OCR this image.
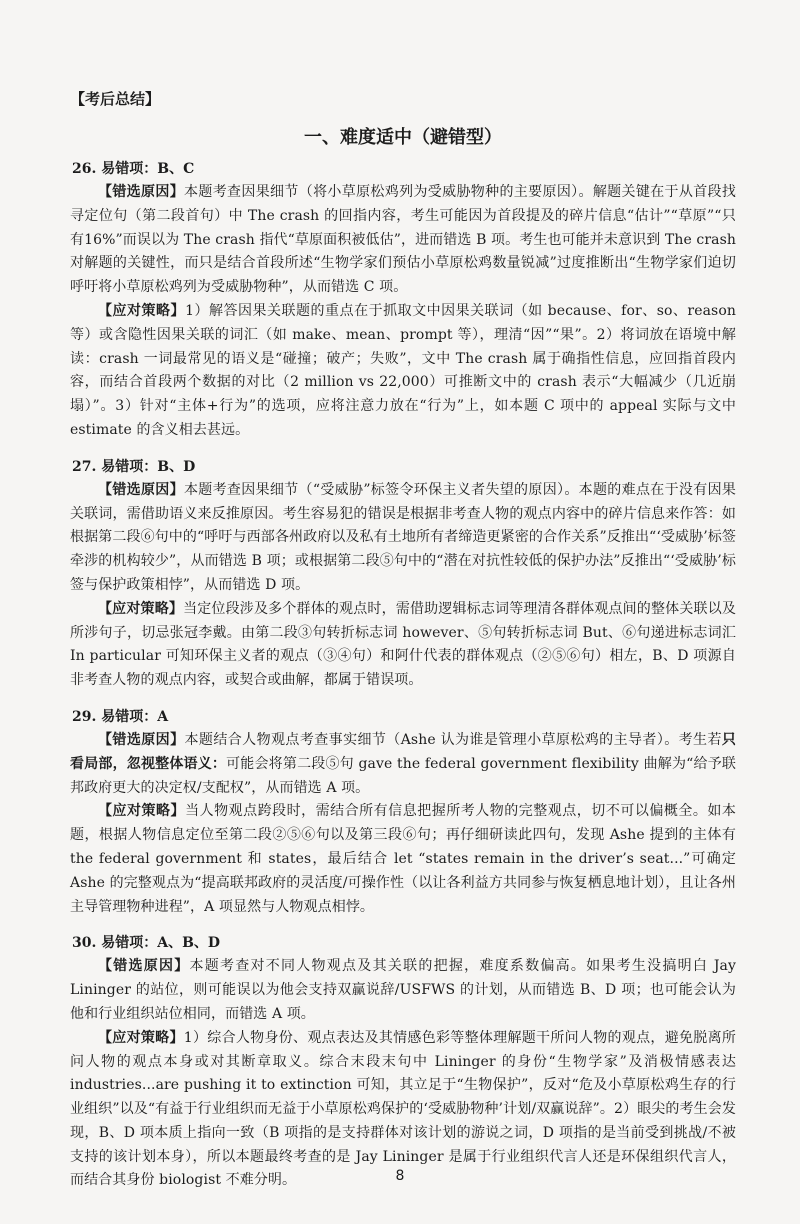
【考后总结】
一、难度适中（避错型）
26. 易错项：B、C

【错选原因】本题考查因果细节（将小草原松鸡列为受威胁物种的主要原因）。解题关键在于从首段找寻定位句（第二段首句）中 The crash 的回指内容，考生可能因为首段提及的碎片信息“估计”“草原”“只有16%”而误以为 The crash 指代“草原面积被低估”，进而错选 B 项。考生也可能并未意识到 The crash 对解题的关键性，而只是结合首段所述“生物学家们预估小草原松鸡数量锐减”过度推断出“生物学家们迫切呼吁将小草原松鸡列为受威胁物种”，从而错选 C 项。

【应对策略】1）解答因果关联题的重点在于抓取文中因果关联词（如 because、for、so、reason 等）或含隐性因果关联的词汇（如 make、mean、prompt 等），理清“因”“果”。2）将词放在语境中解读：crash 一词最常见的语义是“碰撞；破产；失败”，文中 The crash 属于确指性信息，应回指首段内容，而结合首段两个数据的对比（2 million vs 22,000）可推断文中的 crash 表示“大幅减少（几近崩塌）”。3）针对“主体+行为”的选项，应将注意力放在“行为”上，如本题 C 项中的 appeal 实际与文中 estimate 的含义相去甚远。

27. 易错项：B、D

【错选原因】本题考查因果细节（“受威胁”标签令环保主义者失望的原因）。本题的难点在于没有因果关联词，需借助语义来反推原因。考生容易犯的错误是根据非考查人物的观点内容中的碎片信息来作答：如根据第二段⑥句中的“呼吁与西部各州政府以及私有土地所有者缔造更紧密的合作关系”反推出“‘受威胁’标签牵涉的机构较少”，从而错选 B 项；或根据第二段⑤句中的“潜在对抗性较低的保护办法”反推出“‘受威胁’标签与保护政策相悖”，从而错选 D 项。

【应对策略】当定位段涉及多个群体的观点时，需借助逻辑标志词等理清各群体观点间的整体关联以及所涉句子，切忌张冠李戴。由第二段③句转折标志词 however、⑤句转折标志词 But、⑥句递进标志词汇 In particular 可知环保主义者的观点（③④句）和阿什代表的群体观点（②⑤⑥句）相左，B、D 项源自非考查人物的观点内容，或契合或曲解，都属于错误项。

29. 易错项：A

【错选原因】本题结合人物观点考查事实细节（Ashe 认为谁是管理小草原松鸡的主导者）。考生若只看局部，忽视整体语义：可能会将第二段⑤句 gave the federal government flexibility 曲解为“给予联邦政府更大的决定权/支配权”，从而错选 A 项。

【应对策略】当人物观点跨段时，需结合所有信息把握所考人物的完整观点，切不可以偏概全。如本题，根据人物信息定位至第二段②⑤⑥句以及第三段⑥句；再仔细研读此四句，发现 Ashe 提到的主体有 the federal government 和 states，最后结合 let “states remain in the driver’s seat...”可确定 Ashe 的完整观点为“提高联邦政府的灵活度/可操作性（以让各利益方共同参与恢复栖息地计划），且让各州主导管理物种进程”，A 项显然与人物观点相悖。

30. 易错项：A、B、D

【错选原因】本题考查对不同人物观点及其关联的把握，难度系数偏高。如果考生没搞明白 Jay Lininger 的站位，则可能误以为他会支持双赢说辞/USFWS 的计划，从而错选 B、D 项；也可能会认为他和行业组织站位相同，而错选 A 项。

【应对策略】1）综合人物身份、观点表达及其情感色彩等整体理解题干所问人物的观点，避免脱离所问人物的观点本身或对其断章取义。综合末段末句中 Lininger 的身份“生物学家”及消极情感表达 industries...are pushing it to extinction 可知，其立足于“生物保护”，反对“危及小草原松鸡生存的行业组织”以及“有益于行业组织而无益于小草原松鸡保护的‘受威胁物种’计划/双赢说辞”。2）眼尖的考生会发现，B、D 项本质上指向一致（B 项指的是支持群体对该计划的游说之词，D 项指的是当前受到挑战/不被支持的该计划本身），所以本题最终考查的是 Jay Lininger 是属于行业组织代言人还是环保组织代言人，而结合其身份 biologist 不难分明。	8
